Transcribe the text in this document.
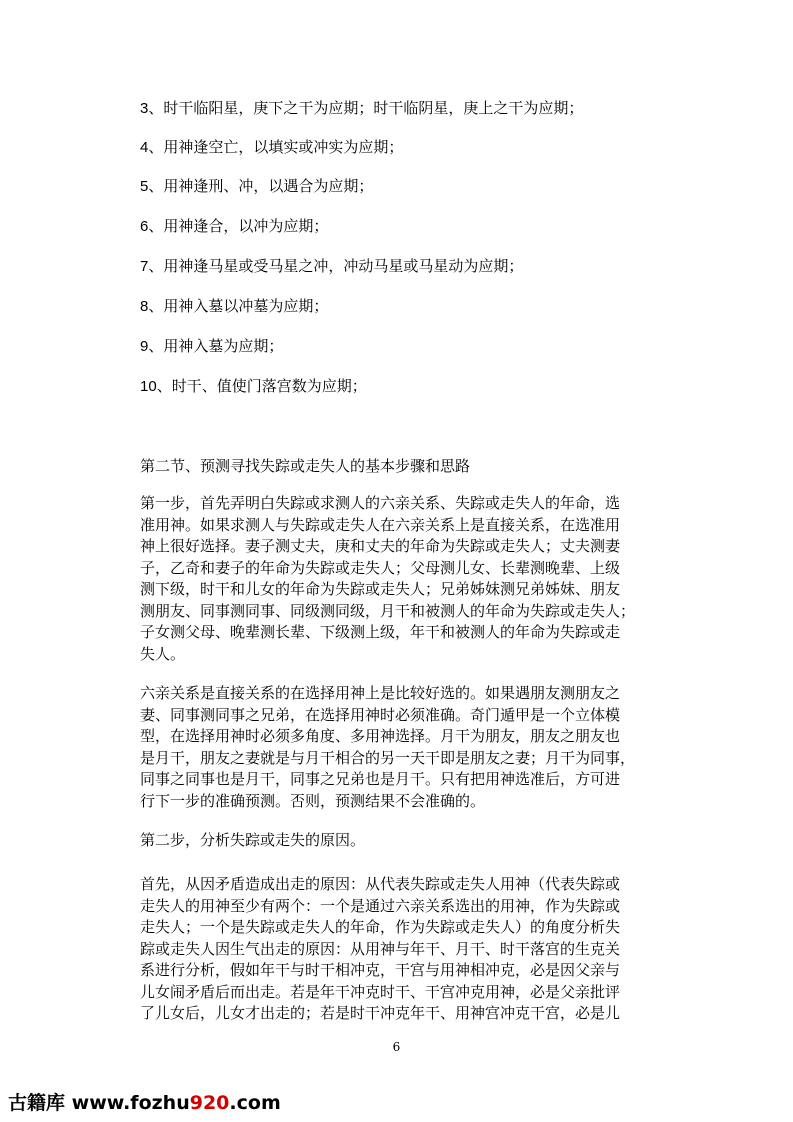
3、时干临阳星，庚下之干为应期；时干临阴星，庚上之干为应期；
4、用神逢空亡，以填实或冲实为应期；
5、用神逢刑、冲，以遇合为应期；
6、用神逢合，以冲为应期；
7、用神逢马星或受马星之冲，冲动马星或马星动为应期；
8、用神入墓以冲墓为应期；
9、用神入墓为应期；
10、时干、值使门落宫数为应期；
第二节、预测寻找失踪或走失人的基本步骤和思路
第一步，首先弄明白失踪或求测人的六亲关系、失踪或走失人的年命，选
准用神。如果求测人与失踪或走失人在六亲关系上是直接关系，在选准用
神上很好选择。妻子测丈夫，庚和丈夫的年命为失踪或走失人；丈夫测妻
子，乙奇和妻子的年命为失踪或走失人；父母测儿女、长辈测晚辈、上级
测下级，时干和儿女的年命为失踪或走失人；兄弟姊妹测兄弟姊妹、朋友
测朋友、同事测同事、同级测同级，月干和被测人的年命为失踪或走失人；
子女测父母、晚辈测长辈、下级测上级，年干和被测人的年命为失踪或走
失人。
六亲关系是直接关系的在选择用神上是比较好选的。如果遇朋友测朋友之
妻、同事测同事之兄弟，在选择用神时必须准确。奇门遁甲是一个立体模
型，在选择用神时必须多角度、多用神选择。月干为朋友，朋友之朋友也
是月干，朋友之妻就是与月干相合的另一天干即是朋友之妻；月干为同事，
同事之同事也是月干，同事之兄弟也是月干。只有把用神选准后，方可进
行下一步的准确预测。否则，预测结果不会准确的。
第二步，分析失踪或走失的原因。
首先，从因矛盾造成出走的原因：从代表失踪或走失人用神（代表失踪或
走失人的用神至少有两个：一个是通过六亲关系选出的用神，作为失踪或
走失人；一个是失踪或走失人的年命，作为失踪或走失人）的角度分析失
踪或走失人因生气出走的原因：从用神与年干、月干、时干落宫的生克关
系进行分析，假如年干与时干相冲克，干宫与用神相冲克，必是因父亲与
儿女闹矛盾后而出走。若是年干冲克时干、干宫冲克用神，必是父亲批评
了儿女后，儿女才出走的；若是时干冲克年干、用神宫冲克干宫，必是儿
6
古籍库 www.fozhu920.com
